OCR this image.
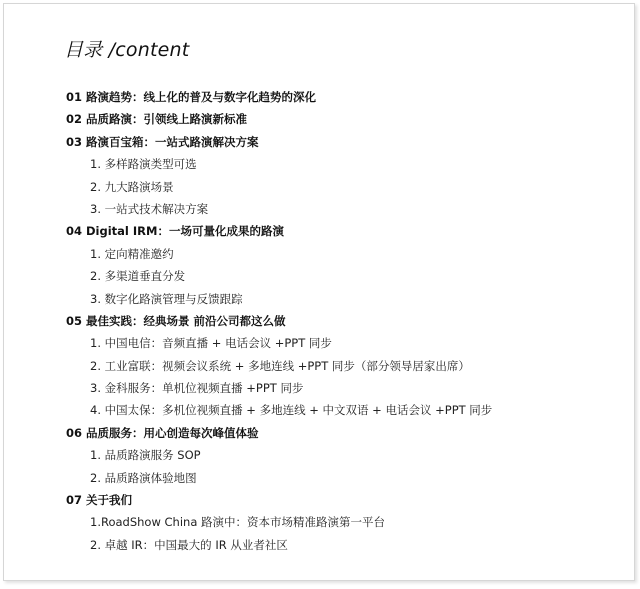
目录 /content
01 路演趋势：线上化的普及与数字化趋势的深化
02 品质路演：引领线上路演新标准
03 路演百宝箱：一站式路演解决方案
1. 多样路演类型可选
2. 九大路演场景
3. 一站式技术解决方案
04 Digital IRM：一场可量化成果的路演
1. 定向精准邀约
2. 多渠道垂直分发
3. 数字化路演管理与反馈跟踪
05 最佳实践：经典场景 前沿公司都这么做
1. 中国电信：音频直播 + 电话会议 +PPT 同步
2. 工业富联：视频会议系统 + 多地连线 +PPT 同步（部分领导居家出席）
3. 金科服务：单机位视频直播 +PPT 同步
4. 中国太保：多机位视频直播 + 多地连线 + 中文双语 + 电话会议 +PPT 同步
06 品质服务：用心创造每次峰值体验
1. 品质路演服务 SOP
2. 品质路演体验地图
07 关于我们
1.RoadShow China 路演中：资本市场精准路演第一平台
2. 卓越 IR：中国最大的 IR 从业者社区
